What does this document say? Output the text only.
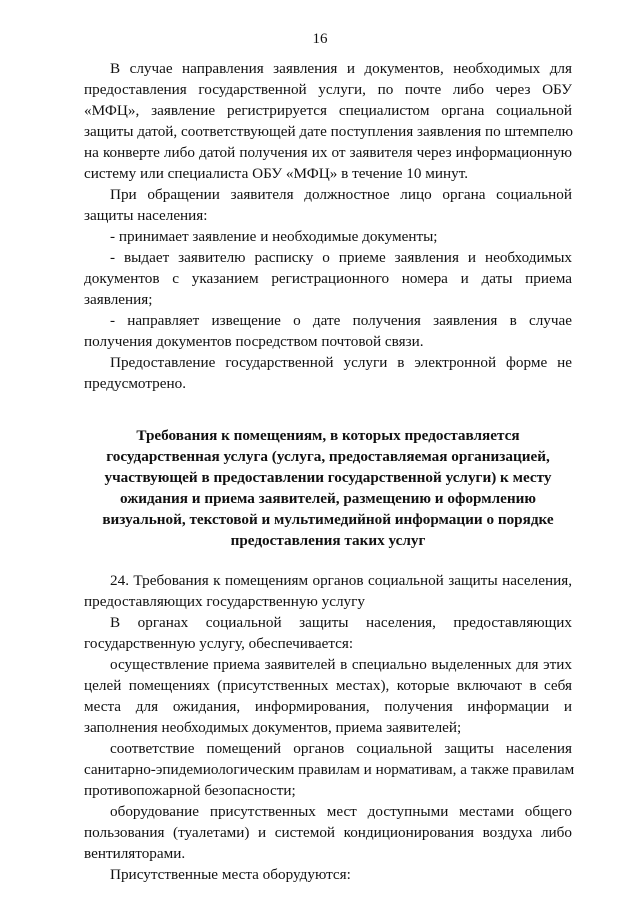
16
В случае направления заявления и документов, необходимых для
предоставления государственной услуги, по почте либо через ОБУ
«МФЦ», заявление регистрируется специалистом органа социальной
защиты датой, соответствующей дате поступления заявления по штемпелю
на конверте либо датой получения их от заявителя через информационную
систему или специалиста ОБУ «МФЦ» в течение 10 минут.
При обращении заявителя должностное лицо органа социальной
защиты населения:
- принимает заявление и необходимые документы;
- выдает заявителю расписку о приеме заявления и необходимых
документов с указанием регистрационного номера и даты приема
заявления;
- направляет извещение о дате получения заявления в случае
получения документов посредством почтовой связи.
Предоставление государственной услуги в электронной форме не
предусмотрено.
Требования к помещениям, в которых предоставляется
государственная услуга (услуга, предоставляемая организацией,
участвующей в предоставлении государственной услуги) к месту
ожидания и приема заявителей, размещению и оформлению
визуальной, текстовой и мультимедийной информации о порядке
предоставления таких услуг
24. Требования к помещениям органов социальной защиты населения,
предоставляющих государственную услугу
В органах социальной защиты населения, предоставляющих
государственную услугу, обеспечивается:
осуществление приема заявителей в специально выделенных для этих
целей помещениях (присутственных местах), которые включают в себя
места для ожидания, информирования, получения информации и
заполнения необходимых документов, приема заявителей;
соответствие помещений органов социальной защиты населения
санитарно-эпидемиологическим правилам и нормативам, а также правилам
противопожарной безопасности;
оборудование присутственных мест доступными местами общего
пользования (туалетами) и системой кондиционирования воздуха либо
вентиляторами.
Присутственные места оборудуются:
